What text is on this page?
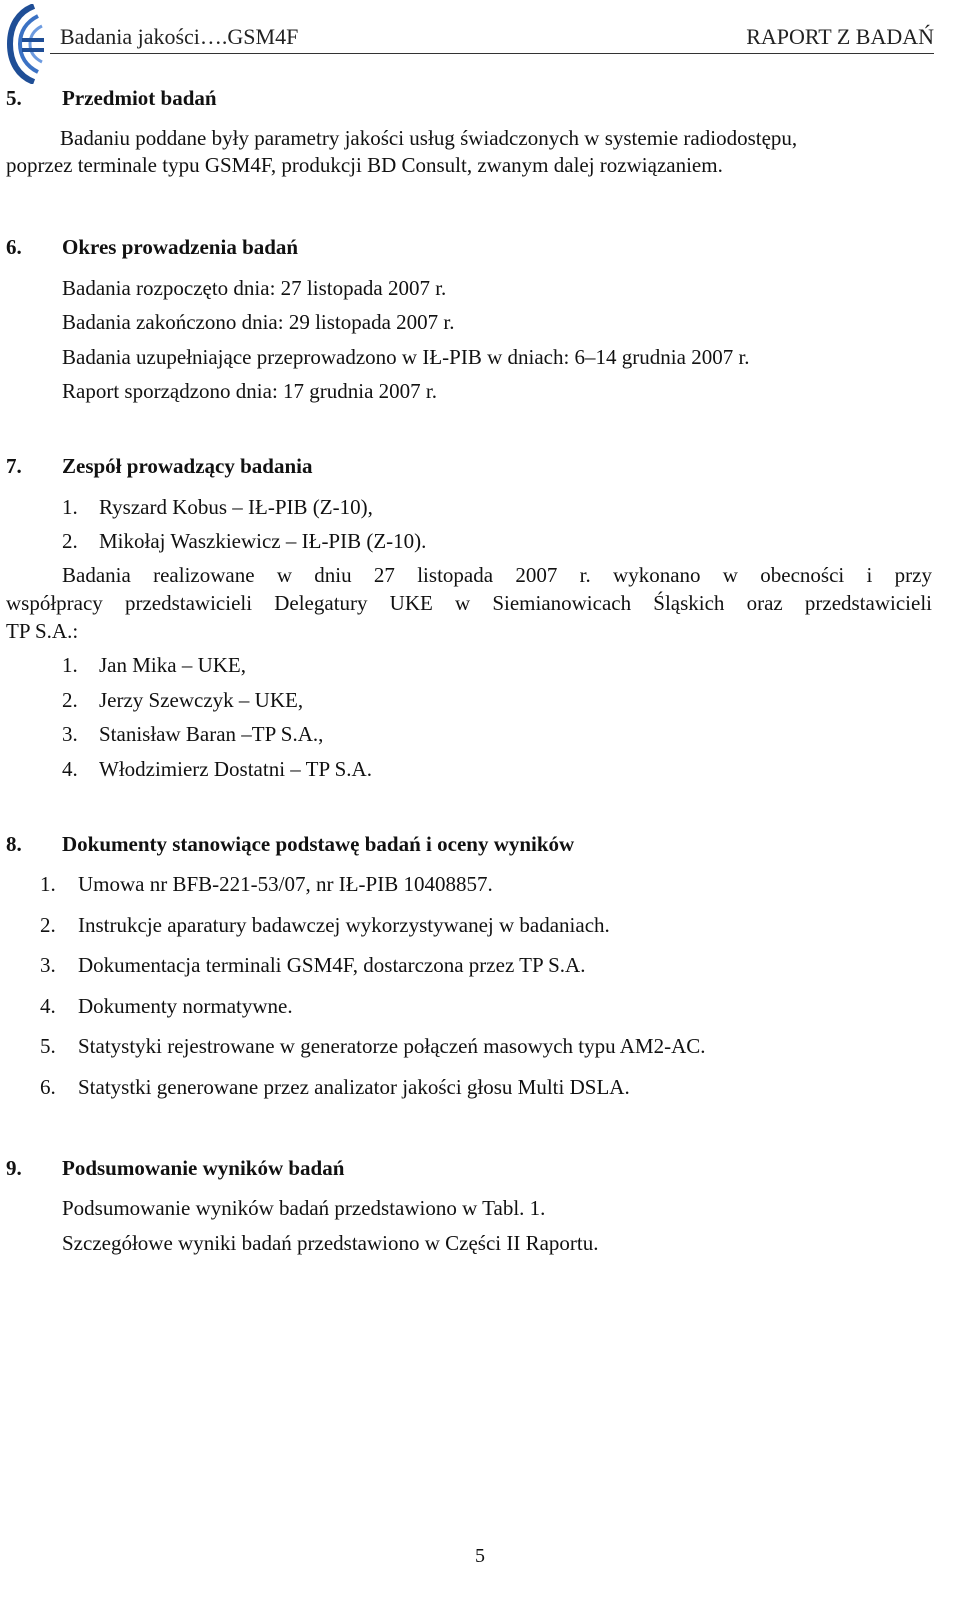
Badania jakości….GSM4F	RAPORT Z BADAŃ
5. Przedmiot badań
Badaniu poddane były parametry jakości usług świadczonych w systemie radiodostępu,
poprzez terminale typu GSM4F, produkcji BD Consult, zwanym dalej rozwiązaniem.
6. Okres prowadzenia badań
Badania rozpoczęto dnia: 27 listopada 2007 r.
Badania zakończono dnia: 29 listopada 2007 r.
Badania uzupełniające przeprowadzono w IŁ-PIB w dniach: 6–14 grudnia 2007 r.
Raport sporządzono dnia: 17 grudnia 2007 r.
7. Zespół prowadzący badania
1. Ryszard Kobus – IŁ-PIB (Z-10),
2. Mikołaj Waszkiewicz – IŁ-PIB (Z-10).
Badania realizowane w dniu 27 listopada 2007 r. wykonano w obecności i przy
współpracy przedstawicieli Delegatury UKE w Siemianowicach Śląskich oraz przedstawicieli
TP S.A.:
1. Jan Mika – UKE,
2. Jerzy Szewczyk – UKE,
3. Stanisław Baran –TP S.A.,
4. Włodzimierz Dostatni – TP S.A.
8. Dokumenty stanowiące podstawę badań i oceny wyników
1. Umowa nr BFB-221-53/07, nr IŁ-PIB 10408857.
2. Instrukcje aparatury badawczej wykorzystywanej w badaniach.
3. Dokumentacja terminali GSM4F, dostarczona przez TP S.A.
4. Dokumenty normatywne.
5. Statystyki rejestrowane w generatorze połączeń masowych typu AM2-AC.
6. Statystki generowane przez analizator jakości głosu Multi DSLA.
9. Podsumowanie wyników badań
Podsumowanie wyników badań przedstawiono w Tabl. 1.
Szczegółowe wyniki badań przedstawiono w Części II Raportu.
5
